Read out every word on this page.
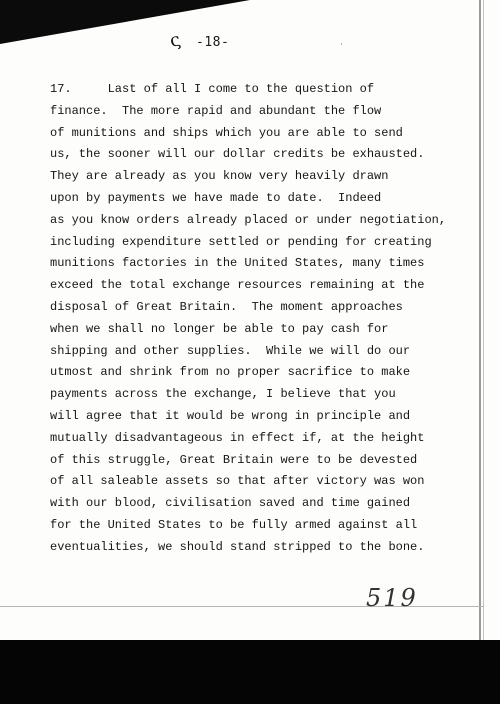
ς -18-	·
17.     Last of all I come to the question of
finance.  The more rapid and abundant the flow
of munitions and ships which you are able to send
us, the sooner will our dollar credits be exhausted.
They are already as you know very heavily drawn
upon by payments we have made to date.  Indeed
as you know orders already placed or under negotiation,
including expenditure settled or pending for creating
munitions factories in the United States, many times
exceed the total exchange resources remaining at the
disposal of Great Britain.  The moment approaches
when we shall no longer be able to pay cash for
shipping and other supplies.  While we will do our
utmost and shrink from no proper sacrifice to make
payments across the exchange, I believe that you
will agree that it would be wrong in principle and
mutually disadvantageous in effect if, at the height
of this struggle, Great Britain were to be devested
of all saleable assets so that after victory was won
with our blood, civilisation saved and time gained
for the United States to be fully armed against all
eventualities, we should stand stripped to the bone.
519
